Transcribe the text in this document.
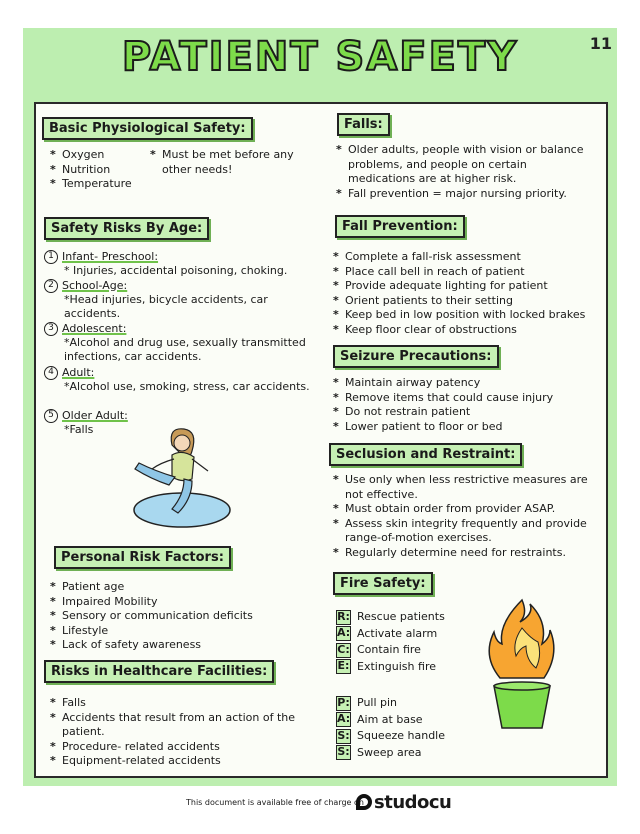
PATIENT SAFETY	11
Basic Physiological Safety:
* Oxygen
* Nutrition
* Temperature
* Must be met before any other needs!
Safety Risks By Age:
1 Infant- Preschool:
* Injuries, accidental poisoning, choking.
2 School-Age:
*Head injuries, bicycle accidents, car accidents.
3 Adolescent:
*Alcohol and drug use, sexually transmitted infections, car accidents.
4 Adult:
*Alcohol use, smoking, stress, car accidents.
5 Older Adult:
*Falls
Personal Risk Factors:
* Patient age
* Impaired Mobility
* Sensory or communication deficits
* Lifestyle
* Lack of safety awareness
Risks in Healthcare Facilities:
* Falls
* Accidents that result from an action of the patient.
* Procedure- related accidents
* Equipment-related accidents
Falls:
* Older adults, people with vision or balance problems, and people on certain medications are at higher risk.
* Fall prevention = major nursing priority.
Fall Prevention:
* Complete a fall-risk assessment
* Place call bell in reach of patient
* Provide adequate lighting for patient
* Orient patients to their setting
* Keep bed in low position with locked brakes
* Keep floor clear of obstructions
Seizure Precautions:
* Maintain airway patency
* Remove items that could cause injury
* Do not restrain patient
* Lower patient to floor or bed
Seclusion and Restraint:
* Use only when less restrictive measures are not effective.
* Must obtain order from provider ASAP.
* Assess skin integrity frequently and provide range-of-motion exercises.
* Regularly determine need for restraints.
Fire Safety:
R: Rescue patients
A: Activate alarm
C: Contain fire
E: Extinguish fire
P: Pull pin
A: Aim at base
S: Squeeze handle
S: Sweep area
This document is available free of charge on studocu
